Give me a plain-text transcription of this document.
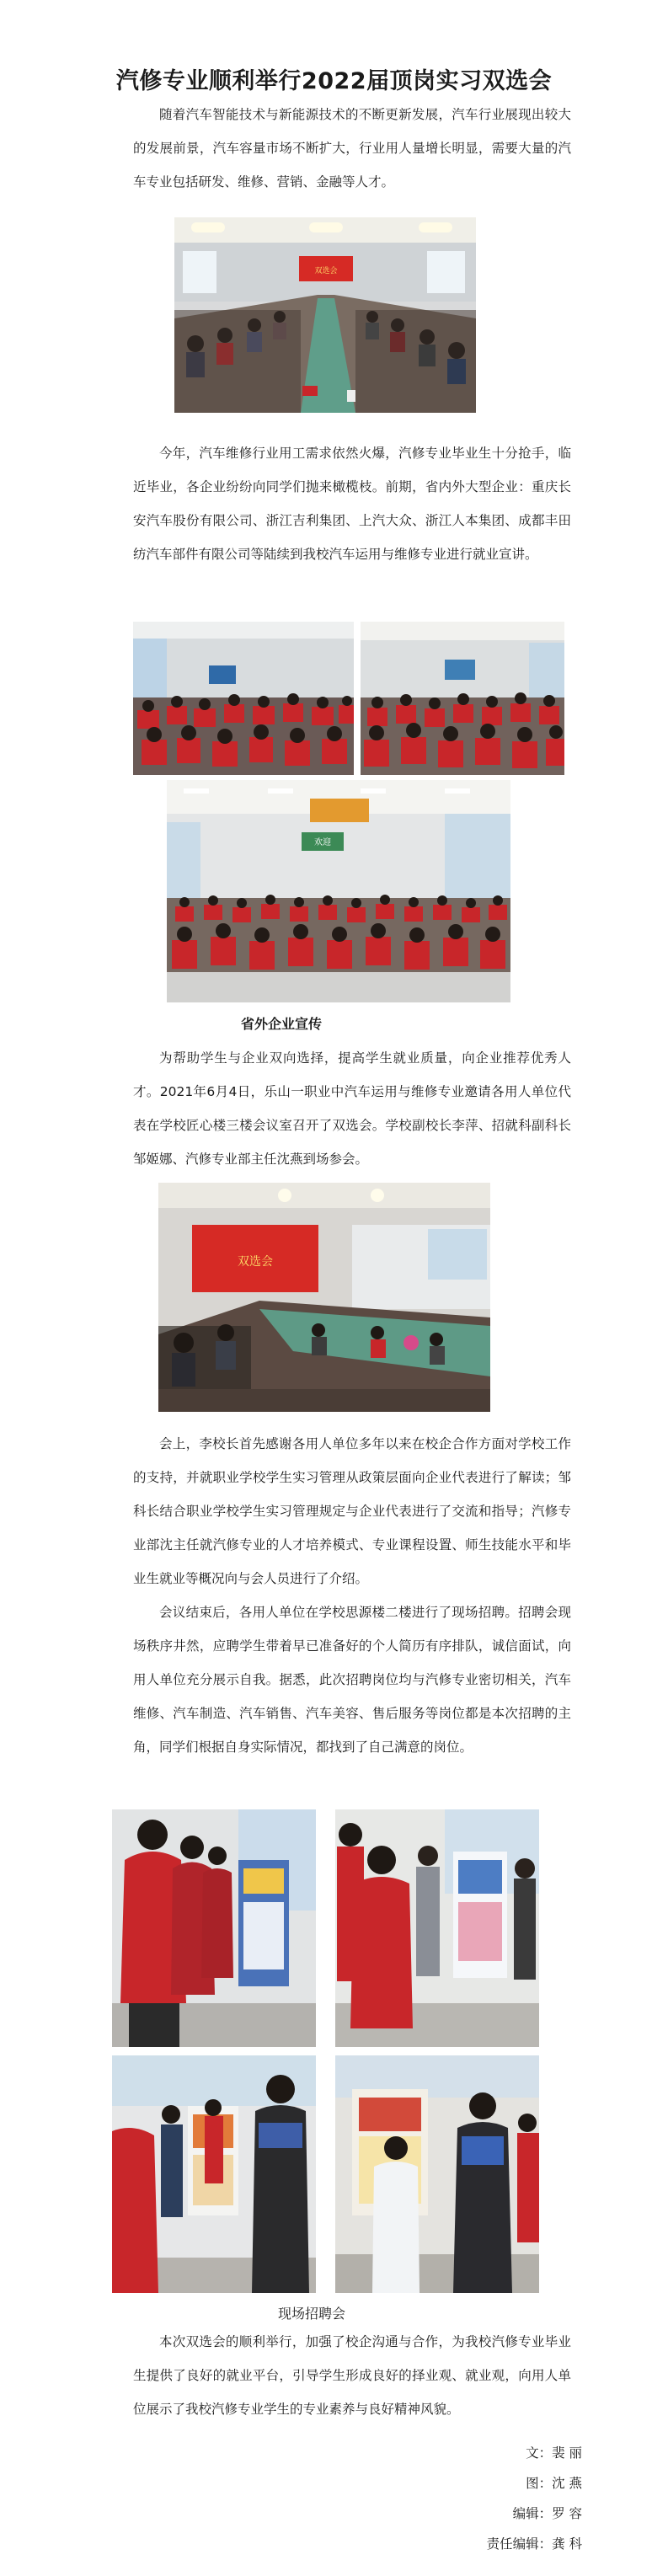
汽修专业顺利举行2022届顶岗实习双选会

随着汽车智能技术与新能源技术的不断更新发展，汽车行业展现出较大的发展前景，汽车容量市场不断扩大，行业用人量增长明显，需要大量的汽车专业包括研发、维修、营销、金融等人才。

双选会

今年，汽车维修行业用工需求依然火爆，汽修专业毕业生十分抢手，临近毕业，各企业纷纷向同学们抛来橄榄枝。前期，省内外大型企业：重庆长安汽车股份有限公司、浙江吉利集团、上汽大众、浙江人本集团、成都丰田纺汽车部件有限公司等陆续到我校汽车运用与维修专业进行就业宣讲。

欢迎

省外企业宣传

为帮助学生与企业双向选择，提高学生就业质量，向企业推荐优秀人才。2021年6月4日，乐山一职业中汽车运用与维修专业邀请各用人单位代表在学校匠心楼三楼会议室召开了双选会。学校副校长李萍、招就科副科长邹姬娜、汽修专业部主任沈燕到场参会。

双选会

会上，李校长首先感谢各用人单位多年以来在校企合作方面对学校工作的支持，并就职业学校学生实习管理从政策层面向企业代表进行了解读；邹科长结合职业学校学生实习管理规定与企业代表进行了交流和指导；汽修专业部沈主任就汽修专业的人才培养模式、专业课程设置、师生技能水平和毕业生就业等概况向与会人员进行了介绍。

会议结束后，各用人单位在学校思源楼二楼进行了现场招聘。招聘会现场秩序井然，应聘学生带着早已准备好的个人简历有序排队，诚信面试，向用人单位充分展示自我。据悉，此次招聘岗位均与汽修专业密切相关，汽车维修、汽车制造、汽车销售、汽车美容、售后服务等岗位都是本次招聘的主角，同学们根据自身实际情况，都找到了自己满意的岗位。

现场招聘会

本次双选会的顺利举行，加强了校企沟通与合作，为我校汽修专业毕业生提供了良好的就业平台，引导学生形成良好的择业观、就业观，向用人单位展示了我校汽修专业学生的专业素养与良好精神风貌。

文：裴 丽

图：沈 燕

编辑：罗 容

责任编辑：龚 科
